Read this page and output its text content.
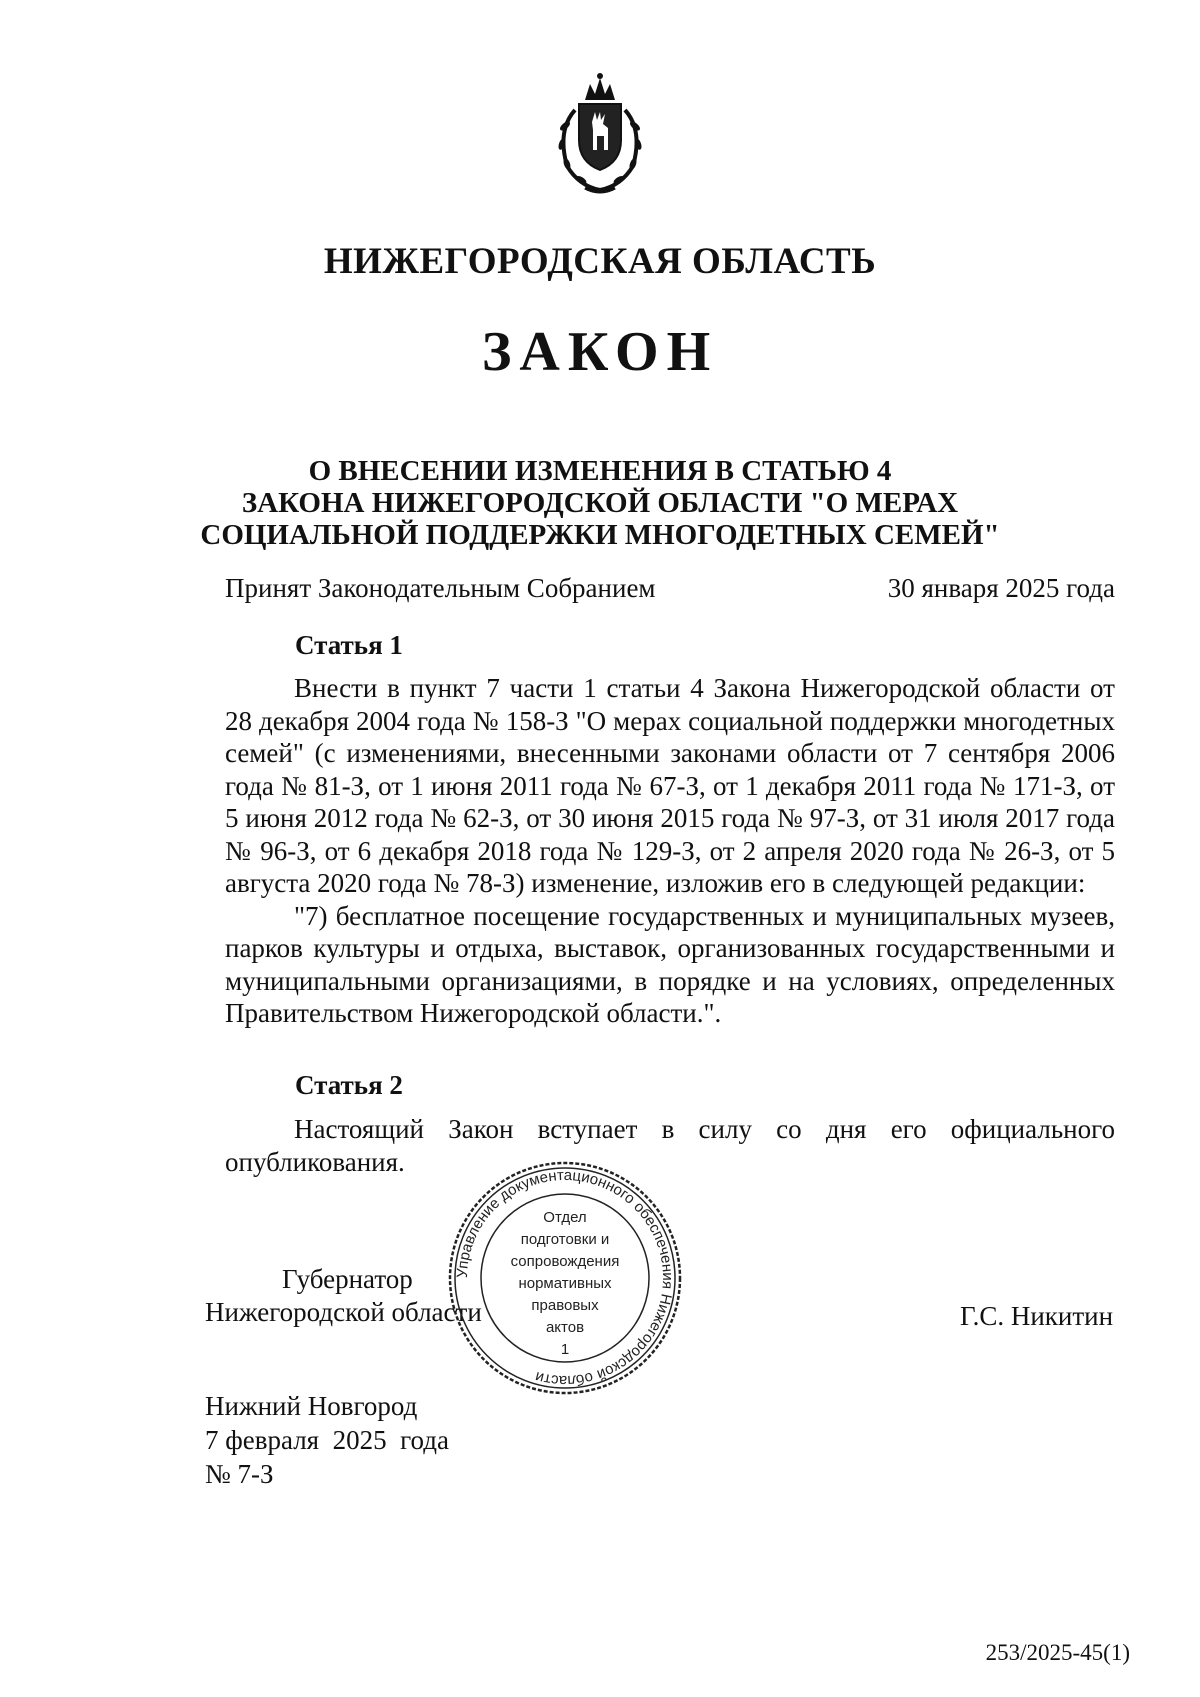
НИЖЕГОРОДСКАЯ ОБЛАСТЬ
ЗАКОН
О ВНЕСЕНИИ ИЗМЕНЕНИЯ В СТАТЬЮ 4
ЗАКОНА НИЖЕГОРОДСКОЙ ОБЛАСТИ "О МЕРАХ
СОЦИАЛЬНОЙ ПОДДЕРЖКИ МНОГОДЕТНЫХ СЕМЕЙ"
Принят Законодательным Собранием	30 января 2025 года
Статья 1
Внести в пункт 7 части 1 статьи 4 Закона Нижегородской области от 28 декабря 2004 года № 158-З "О мерах социальной поддержки многодетных семей" (с изменениями, внесенными законами области от 7 сентября 2006 года № 81-З, от 1 июня 2011 года № 67-З, от 1 декабря 2011 года № 171-З, от 5 июня 2012 года № 62-З, от 30 июня 2015 года № 97-З, от 31 июля 2017 года № 96-З, от 6 декабря 2018 года № 129-З, от 2 апреля 2020 года № 26-З, от 5 августа 2020 года № 78-З) изменение, изложив его в следующей редакции:
"7) бесплатное посещение государственных и муниципальных музеев, парков культуры и отдыха, выставок, организованных государственными и муниципальными организациями, в порядке и на условиях, определенных Правительством Нижегородской области.".
Статья 2
Настоящий Закон вступает в силу со дня его официального опубликования.
Губернатор
Нижегородской области	Г.С. Никитин
Управление документационного обеспечения Нижегородской области
Отдел
подготовки и
сопровождения
нормативных
правовых
актов
1
Нижний Новгород
7 февраля  2025  года
№ 7-З
253/2025-45(1)
